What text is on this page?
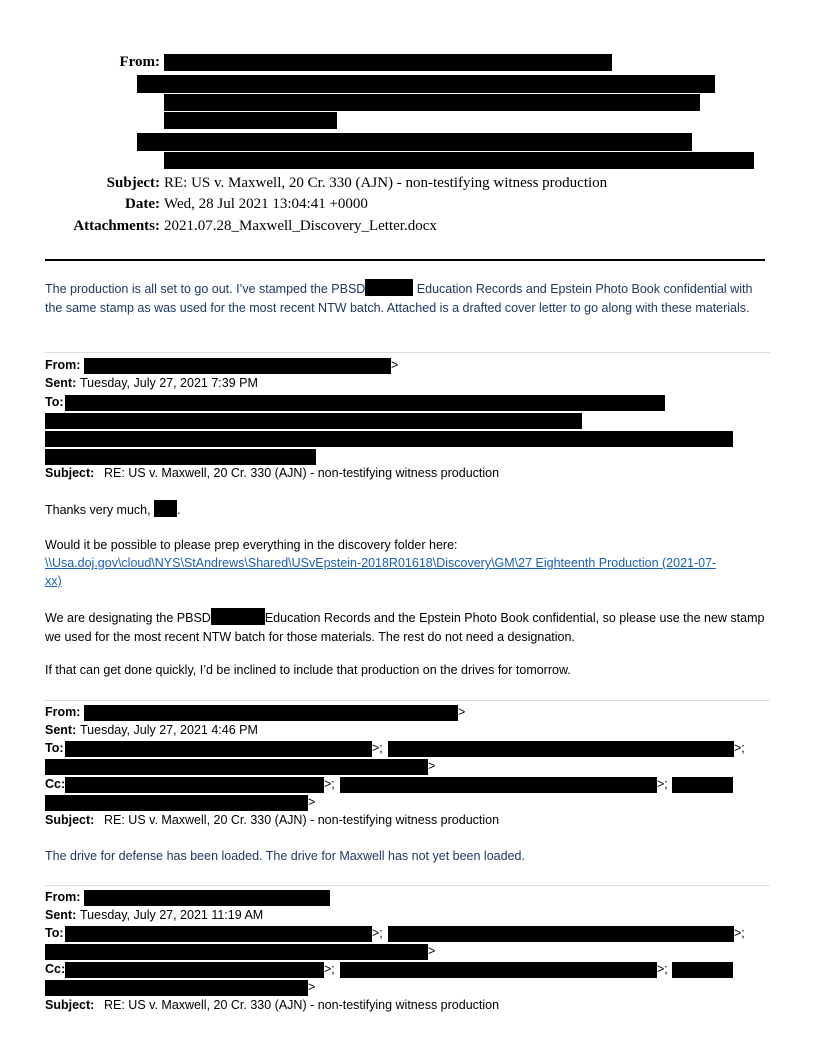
From:
Subject: RE: US v. Maxwell, 20 Cr. 330 (AJN) - non-testifying witness production
Date: Wed, 28 Jul 2021 13:04:41 +0000
Attachments: 2021.07.28_Maxwell_Discovery_Letter.docx
The production is all set to go out. I’ve stamped the PBSD	Education Records and Epstein Photo Book confidential with the same stamp as was used for the most recent NTW batch. Attached is a drafted cover letter to go along with these materials.
From:	>
Sent: Tuesday, July 27, 2021 7:39 PM
To:
Subject: RE: US v. Maxwell, 20 Cr. 330 (AJN) - non-testifying witness production
Thanks very much, .
Would it be possible to please prep everything in the discovery folder here:
\\Usa.doj.gov\cloud\NYS\StAndrews\Shared\USvEpstein-2018R01618\Discovery\GM\27 Eighteenth Production (2021-07-
xx)
We are designating the PBSD	Education Records and the Epstein Photo Book confidential, so please use the new stamp we used for the most recent NTW batch for those materials. The rest do not need a designation.
If that can get done quickly, I’d be inclined to include that production on the drives for tomorrow.
From:	>
Sent: Tuesday, July 27, 2021 4:46 PM
To:	>;	>;
>
Cc:	>;	>;
>
Subject: RE: US v. Maxwell, 20 Cr. 330 (AJN) - non-testifying witness production
The drive for defense has been loaded. The drive for Maxwell has not yet been loaded.
From:
Sent: Tuesday, July 27, 2021 11:19 AM
To:	>;	>;
>
Cc:	>;	>;
>
Subject: RE: US v. Maxwell, 20 Cr. 330 (AJN) - non-testifying witness production
